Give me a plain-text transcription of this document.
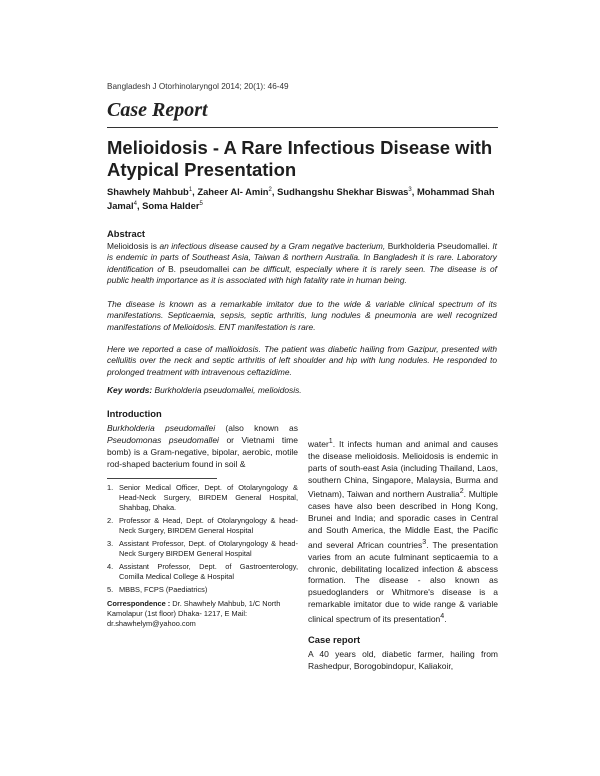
Bangladesh J Otorhinolaryngol 2014; 20(1): 46-49
Case Report
Melioidosis - A Rare Infectious Disease with
Atypical Presentation
Shawhely Mahbub$^1$, Zaheer Al- Amin$^2$, Sudhangshu Shekhar Biswas$^3$, Mohammad Shah Jamal$^4$, Soma Halder$^5$
Abstract
Melioidosis is an infectious disease caused by a Gram negative bacterium, Burkholderia Pseudomallei. It is endemic in parts of Southeast Asia, Taiwan & northern Australia. In Bangladesh it is rare. Laboratory identification of B. pseudomallei can be difficult, especially where it is rarely seen. The disease is of public health importance as it is associated with high fatality rate in human being.
The disease is known as a remarkable imitator due to the wide & variable clinical spectrum of its manifestations. Septicaemia, sepsis, septic arthritis, lung nodules & pneumonia are well recognized manifestations of Melioidosis. ENT manifestation is rare.
Here we reported a case of mallioidosis. The patient was diabetic hailing from Gazipur, presented with cellulitis over the neck and septic arthritis of left shoulder and hip with lung nodules. He responded to prolonged treatment with intravenous ceftazidime.
Key words: Burkholderia pseudomallei, melioidosis.
Introduction

Burkholderia pseudomallei (also known as Pseudomonas pseudomallei or Vietnami time bomb) is a Gram-negative, bipolar, aerobic, motile rod-shaped bacterium found in soil &

1. Senior Medical Officer, Dept. of Otolaryngology & Head-Neck Surgery, BIRDEM General Hospital, Shahbag, Dhaka.
2. Professor & Head, Dept. of Otolaryngology & head-Neck Surgery, BIRDEM General Hospital
3. Assistant Professor, Dept. of Otolaryngology & head-Neck Surgery BIRDEM General Hospital
4. Assistant Professor, Dept. of Gastroenterology, Comilla Medical College & Hospital
5. MBBS, FCPS (Paediatrics)
Correspondence : Dr. Shawhely Mahbub, 1/C North Kamolapur (1st floor) Dhaka- 1217, E Mail: dr.shawhelym@yahoo.com

water$^1$. It infects human and animal and causes the disease melioidosis. Melioidosis is endemic in parts of south-east Asia (including Thailand, Laos, southern China, Singapore, Malaysia, Burma and Vietnam), Taiwan and northern Australia$^2$. Multiple cases have also been described in Hong Kong, Brunei and India; and sporadic cases in Central and South America, the Middle East, the Pacific and several African countries$^3$. The presentation varies from an acute fulminant septicaemia to a chronic, debilitating localized infection & abscess formation. The disease - also known as psuedoglanders or Whitmore's disease is a remarkable imitator due to wide range & variable clinical spectrum of its presentation$^4$.

Case report

A 40 years old, diabetic farmer, hailing from Rashedpur, Borogobindopur, Kaliakoir,
